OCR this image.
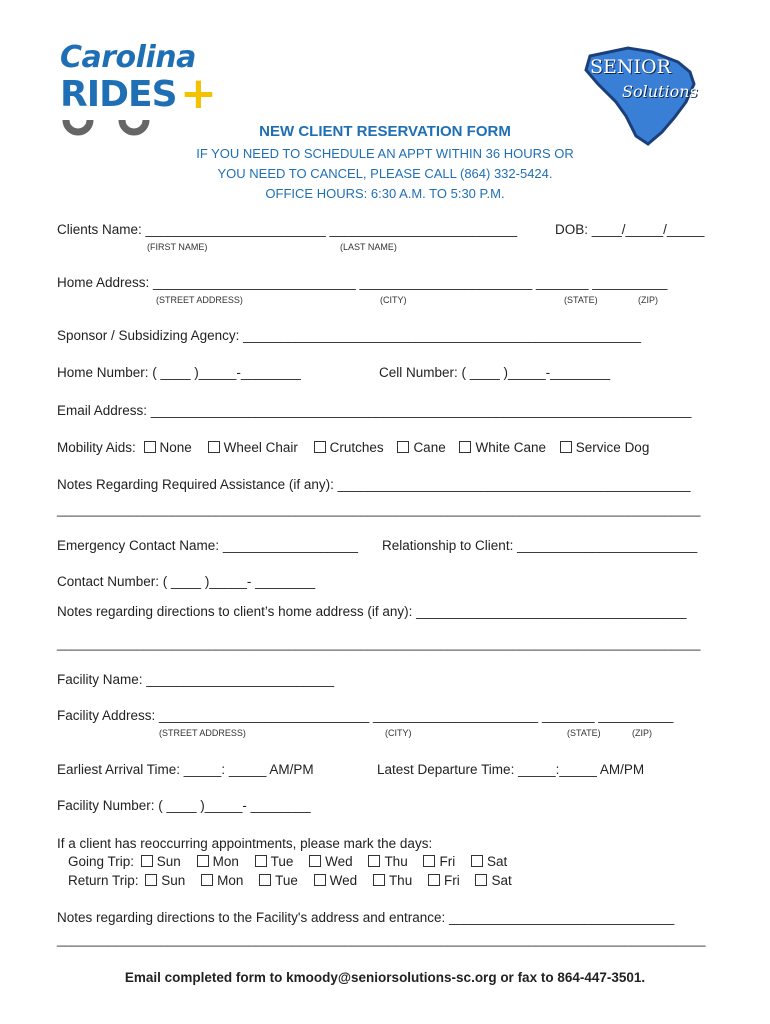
Carolina
RIDES +
SENIOR
Solutions
NEW CLIENT RESERVATION FORM
IF YOU NEED TO SCHEDULE AN APPT WITHIN 36 HOURS OR
YOU NEED TO CANCEL, PLEASE CALL (864) 332-5424.
OFFICE HOURS: 6:30 A.M. TO 5:30 P.M.
Clients Name: ________________________ _________________________	DOB: ____/_____/_____
(FIRST NAME)	(LAST NAME)
Home Address: ___________________________ _______________________ _______ __________
(STREET ADDRESS)	(CITY)	(STATE)	(ZIP)
Sponsor / Subsidizing Agency: _____________________________________________________
Home Number: ( ____ )_____-________	Cell Number: ( ____ )_____-________
Email Address: ________________________________________________________________________
Mobility Aids: None Wheel Chair Crutches Cane White Cane Service Dog
Notes Regarding Required Assistance (if any): _______________________________________________
_________________________________________________________________________________________
Emergency Contact Name: __________________ Relationship to Client: ________________________
Contact Number: ( ____ )_____- ________
Notes regarding directions to client’s home address (if any): ____________________________________
_________________________________________________________________________________________
Facility Name: _________________________
Facility Address: ____________________________ ______________________ _______ __________
(STREET ADDRESS)	(CITY)	(STATE)	(ZIP)
Earliest Arrival Time: _____: _____ AM/PM	Latest Departure Time: _____:_____ AM/PM
Facility Number: ( ____ )_____- ________
If a client has reoccurring appointments, please mark the days:
Going Trip: Sun Mon Tue Wed Thu Fri Sat
Return Trip: Sun Mon Tue Wed Thu Fri Sat
Notes regarding directions to the Facility's address and entrance: ______________________________
________________________________________________________________________________________
Email completed form to kmoody@seniorsolutions-sc.org or fax to 864-447-3501.
